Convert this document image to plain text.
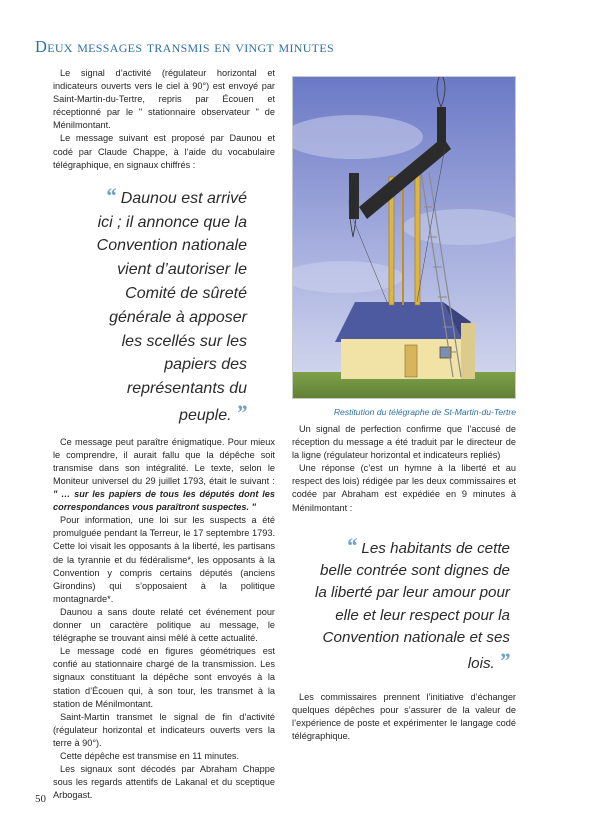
Deux messages transmis en vingt minutes

Le signal d’activité (régulateur horizontal et indicateurs ouverts vers le ciel à 90°) est envoyé par Saint-Martin-du-Tertre, repris par Écouen et réceptionné par le " stationnaire observateur " de Ménilmontant.

Le message suivant est proposé par Daunou et codé par Claude Chappe, à l’aide du vocabulaire télégraphique, en signaux chiffrés :

“ Daunou est arrivé ici ; il annonce que la Convention nationale vient d’autoriser le Comité de sûreté générale à apposer les scellés sur les papiers des représentants du peuple. ”

Ce message peut paraître énigmatique. Pour mieux le comprendre, il aurait fallu que la dépêche soit transmise dans son intégralité. Le texte, selon le Moniteur universel du 29 juillet 1793, était le suivant : " … sur les papiers de tous les députés dont les correspondances vous paraîtront suspectes. "

Pour information, une loi sur les suspects a été promulguée pendant la Terreur, le 17 septembre 1793. Cette loi visait les opposants à la liberté, les partisans de la tyrannie et du fédéralisme*, les opposants à la Convention y compris certains députés (anciens Girondins) qui s’opposaient à la politique montagnarde*.

Daunou a sans doute relaté cet événement pour donner un caractère politique au message, le télégraphe se trouvant ainsi mêlé à cette actualité.

Le message codé en figures géométriques est confié au stationnaire chargé de la transmission. Les signaux constituant la dépêche sont envoyés à la station d’Écouen qui, à son tour, les transmet à la station de Ménilmontant.

Saint-Martin transmet le signal de fin d’activité (régulateur horizontal et indicateurs ouverts vers la terre à 90°).

Cette dépêche est transmise en 11 minutes.

Les signaux sont décodés par Abraham Chappe sous les regards attentifs de Lakanal et du sceptique Arbogast.

Restitution du télégraphe de St-Martin-du-Tertre

Un signal de perfection confirme que l’accusé de réception du message a été traduit par le directeur de la ligne (régulateur horizontal et indicateurs repliés)

Une réponse (c’est un hymne à la liberté et au respect des lois) rédigée par les deux commissaires et codée par Abraham est expédiée en 9 minutes à Ménilmontant :

“ Les habitants de cette belle contrée sont dignes de la liberté par leur amour pour elle et leur respect pour la Convention nationale et ses lois. ”

Les commissaires prennent l’initiative d’échanger quelques dépêches pour s’assurer de la valeur de l’expérience de poste et expérimenter le langage codé télégraphique.

50
